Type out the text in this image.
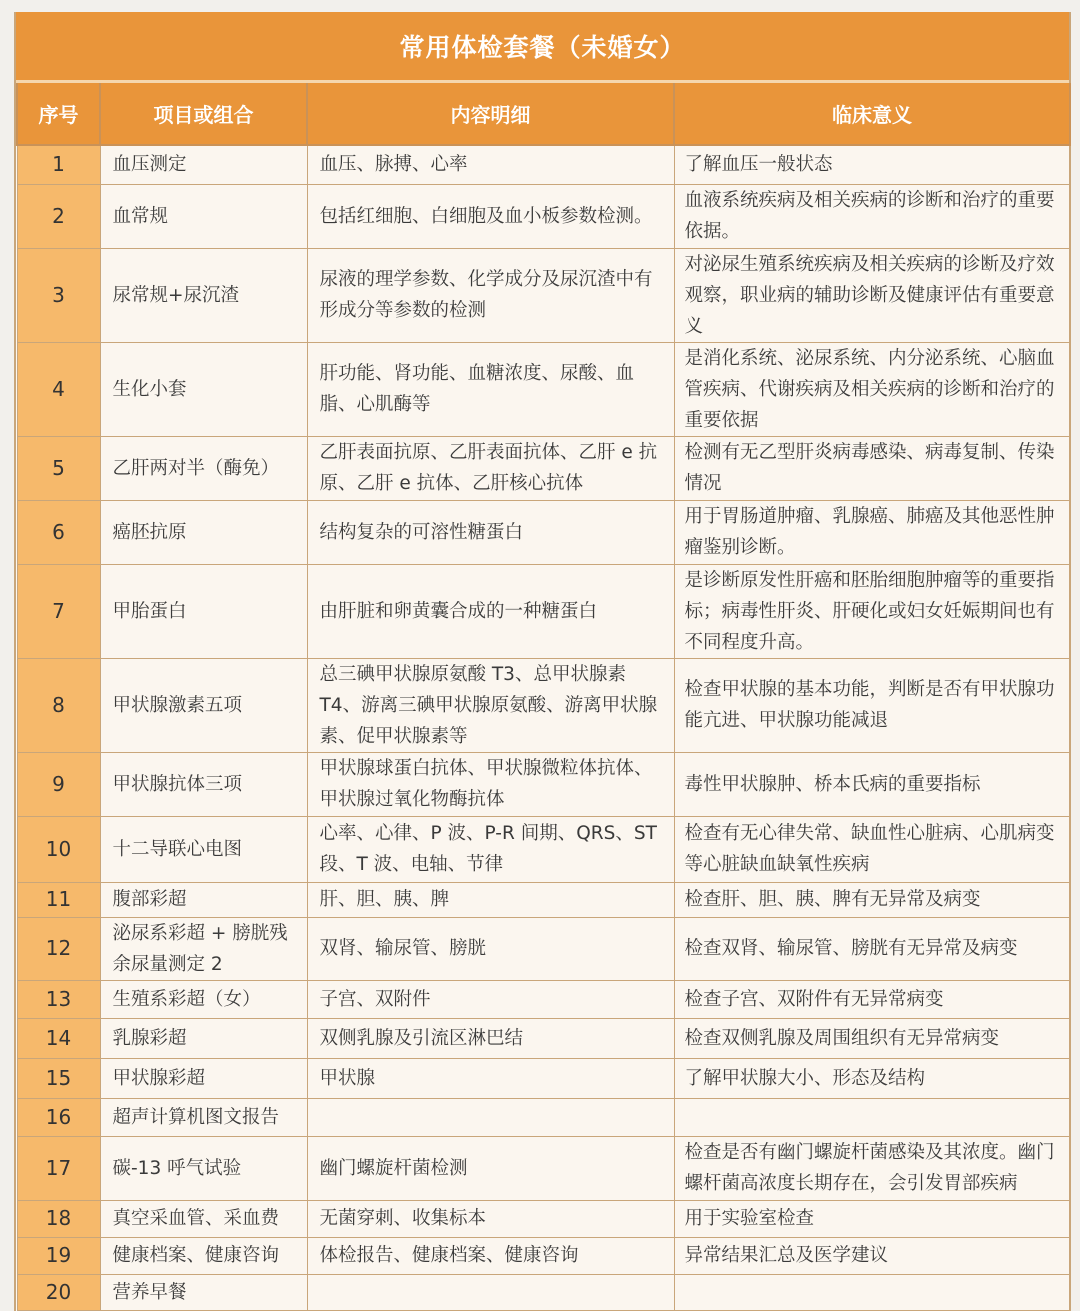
常用体检套餐（未婚女）
序号	项目或组合	内容明细	临床意义
1	血压测定	血压、脉搏、心率	了解血压一般状态
2	血常规	包括红细胞、白细胞及血小板参数检测。	血液系统疾病及相关疾病的诊断和治疗的重要依据。
3	尿常规+尿沉渣	尿液的理学参数、化学成分及尿沉渣中有形成分等参数的检测	对泌尿生殖系统疾病及相关疾病的诊断及疗效观察，职业病的辅助诊断及健康评估有重要意义
4	生化小套	肝功能、肾功能、血糖浓度、尿酸、血脂、心肌酶等	是消化系统、泌尿系统、内分泌系统、心脑血管疾病、代谢疾病及相关疾病的诊断和治疗的重要依据
5	乙肝两对半（酶免）	乙肝表面抗原、乙肝表面抗体、乙肝 e 抗原、乙肝 e 抗体、乙肝核心抗体	检测有无乙型肝炎病毒感染、病毒复制、传染情况
6	癌胚抗原	结构复杂的可溶性糖蛋白	用于胃肠道肿瘤、乳腺癌、肺癌及其他恶性肿瘤鉴别诊断。
7	甲胎蛋白	由肝脏和卵黄囊合成的一种糖蛋白	是诊断原发性肝癌和胚胎细胞肿瘤等的重要指标；病毒性肝炎、肝硬化或妇女妊娠期间也有不同程度升高。
8	甲状腺激素五项	总三碘甲状腺原氨酸 T3、总甲状腺素 T4、游离三碘甲状腺原氨酸、游离甲状腺素、促甲状腺素等	检查甲状腺的基本功能，判断是否有甲状腺功能亢进、甲状腺功能减退
9	甲状腺抗体三项	甲状腺球蛋白抗体、甲状腺微粒体抗体、甲状腺过氧化物酶抗体	毒性甲状腺肿、桥本氏病的重要指标
10	十二导联心电图	心率、心律、P 波、P-R 间期、QRS、ST 段、T 波、电轴、节律	检查有无心律失常、缺血性心脏病、心肌病变等心脏缺血缺氧性疾病
11	腹部彩超	肝、胆、胰、脾	检查肝、胆、胰、脾有无异常及病变
12	泌尿系彩超 + 膀胱残余尿量测定 2	双肾、输尿管、膀胱	检查双肾、输尿管、膀胱有无异常及病变
13	生殖系彩超（女）	子宫、双附件	检查子宫、双附件有无异常病变
14	乳腺彩超	双侧乳腺及引流区淋巴结	检查双侧乳腺及周围组织有无异常病变
15	甲状腺彩超	甲状腺	了解甲状腺大小、形态及结构
16	超声计算机图文报告		
17	碳-13 呼气试验	幽门螺旋杆菌检测	检查是否有幽门螺旋杆菌感染及其浓度。幽门螺杆菌高浓度长期存在，会引发胃部疾病
18	真空采血管、采血费	无菌穿刺、收集标本	用于实验室检查
19	健康档案、健康咨询	体检报告、健康档案、健康咨询	异常结果汇总及医学建议
20	营养早餐		
